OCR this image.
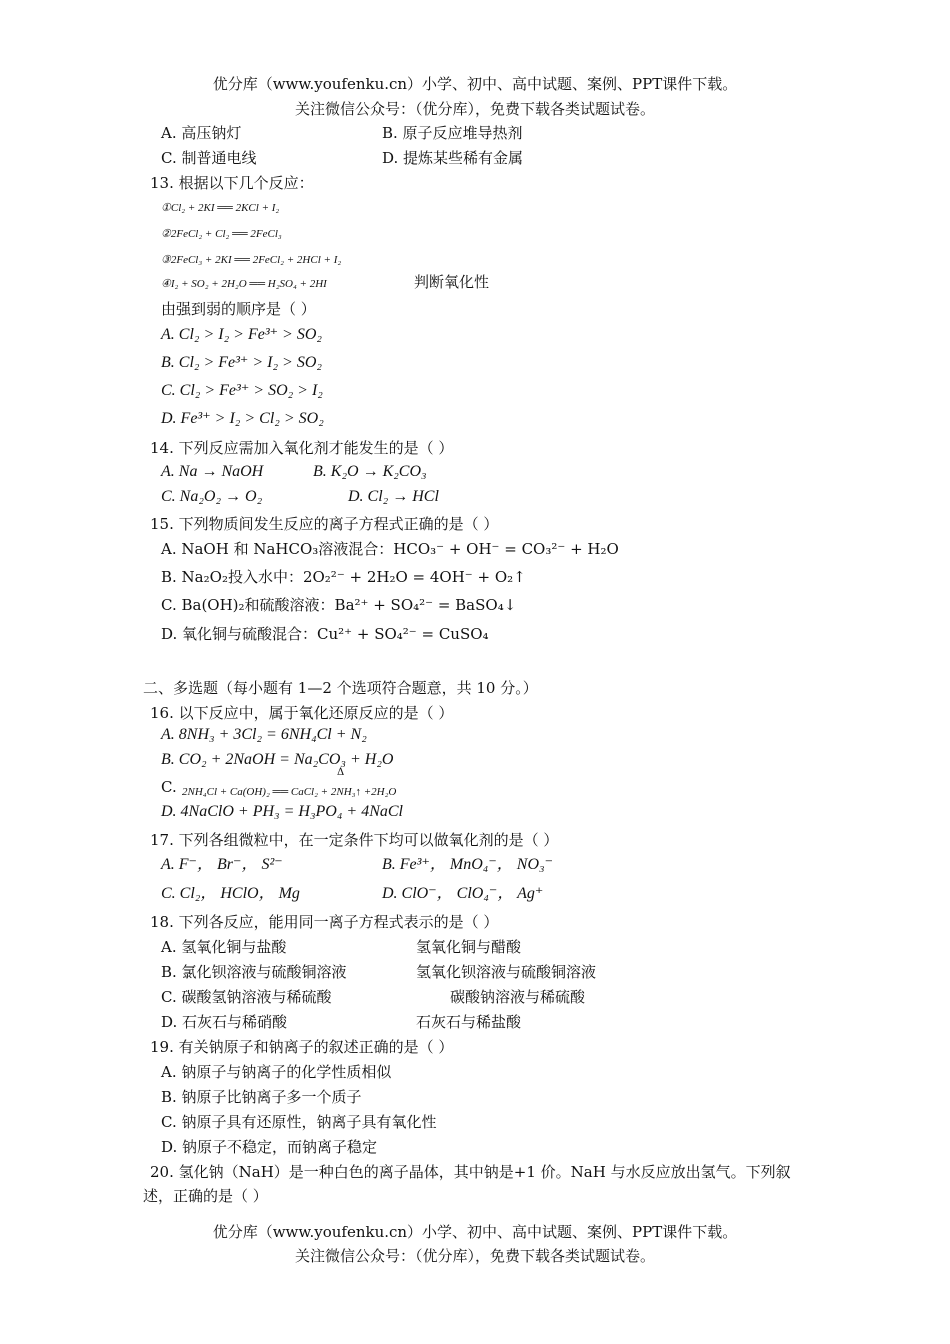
优分库（www.youfenku.cn）小学、初中、高中试题、案例、PPT课件下载。
关注微信公众号：（优分库），免费下载各类试题试卷。
A. 高压钠灯	B. 原子反应堆导热剂
C. 制普通电线	D. 提炼某些稀有金属
13. 根据以下几个反应：
①Cl₂ + 2KI ══ 2KCl + I₂
②2FeCl₂ + Cl₂ ══ 2FeCl₃
③2FeCl₃ + 2KI ══ 2FeCl₂ + 2HCl + I₂
④I₂ + SO₂ + 2H₂O ══ H₂SO₄ + 2HI	判断氧化性
由强到弱的顺序是（ ）
A. Cl₂ > I₂ > Fe³⁺ > SO₂
B. Cl₂ > Fe³⁺ > I₂ > SO₂
C. Cl₂ > Fe³⁺ > SO₂ > I₂
D. Fe³⁺ > I₂ > Cl₂ > SO₂
14. 下列反应需加入氧化剂才能发生的是（ ）
A. Na → NaOH	B. K₂O → K₂CO₃
C. Na₂O₂ → O₂	D. Cl₂ → HCl
15. 下列物质间发生反应的离子方程式正确的是（ ）
A. NaOH 和 NaHCO₃溶液混合：HCO₃⁻ + OH⁻ = CO₃²⁻ + H₂O
B. Na₂O₂投入水中：2O₂²⁻ + 2H₂O = 4OH⁻ + O₂↑
C. Ba(OH)₂和硫酸溶液：Ba²⁺ + SO₄²⁻ = BaSO₄↓
D. 氧化铜与硫酸混合：Cu²⁺ + SO₄²⁻ = CuSO₄
二、多选题（每小题有 1—2 个选项符合题意，共 10 分。）
16. 以下反应中，属于氧化还原反应的是（ ）
A. 8NH₃ + 3Cl₂ = 6NH₄Cl + N₂
B. CO₂ + 2NaOH = Na₂CO₃ + H₂O
C.
Δ
2NH₄Cl + Ca(OH)₂ ══ CaCl₂ + 2NH₃↑ +2H₂O
D. 4NaClO + PH₃ = H₃PO₄ + 4NaCl
17. 下列各组微粒中，在一定条件下均可以做氧化剂的是（ ）
A. F⁻， Br⁻， S²⁻	B. Fe³⁺， MnO₄⁻， NO₃⁻
C. Cl₂， HClO， Mg	D. ClO⁻， ClO₄⁻， Ag⁺
18. 下列各反应，能用同一离子方程式表示的是（ ）
A. 氢氧化铜与盐酸	氢氧化铜与醋酸
B. 氯化钡溶液与硫酸铜溶液	氢氧化钡溶液与硫酸铜溶液
C. 碳酸氢钠溶液与稀硫酸	碳酸钠溶液与稀硫酸
D. 石灰石与稀硝酸	石灰石与稀盐酸
19. 有关钠原子和钠离子的叙述正确的是（ ）
A. 钠原子与钠离子的化学性质相似
B. 钠原子比钠离子多一个质子
C. 钠原子具有还原性，钠离子具有氧化性
D. 钠原子不稳定，而钠离子稳定
20. 氢化钠（NaH）是一种白色的离子晶体，其中钠是+1 价。NaH 与水反应放出氢气。下列叙
述，正确的是（ ）
优分库（www.youfenku.cn）小学、初中、高中试题、案例、PPT课件下载。
关注微信公众号：（优分库），免费下载各类试题试卷。
